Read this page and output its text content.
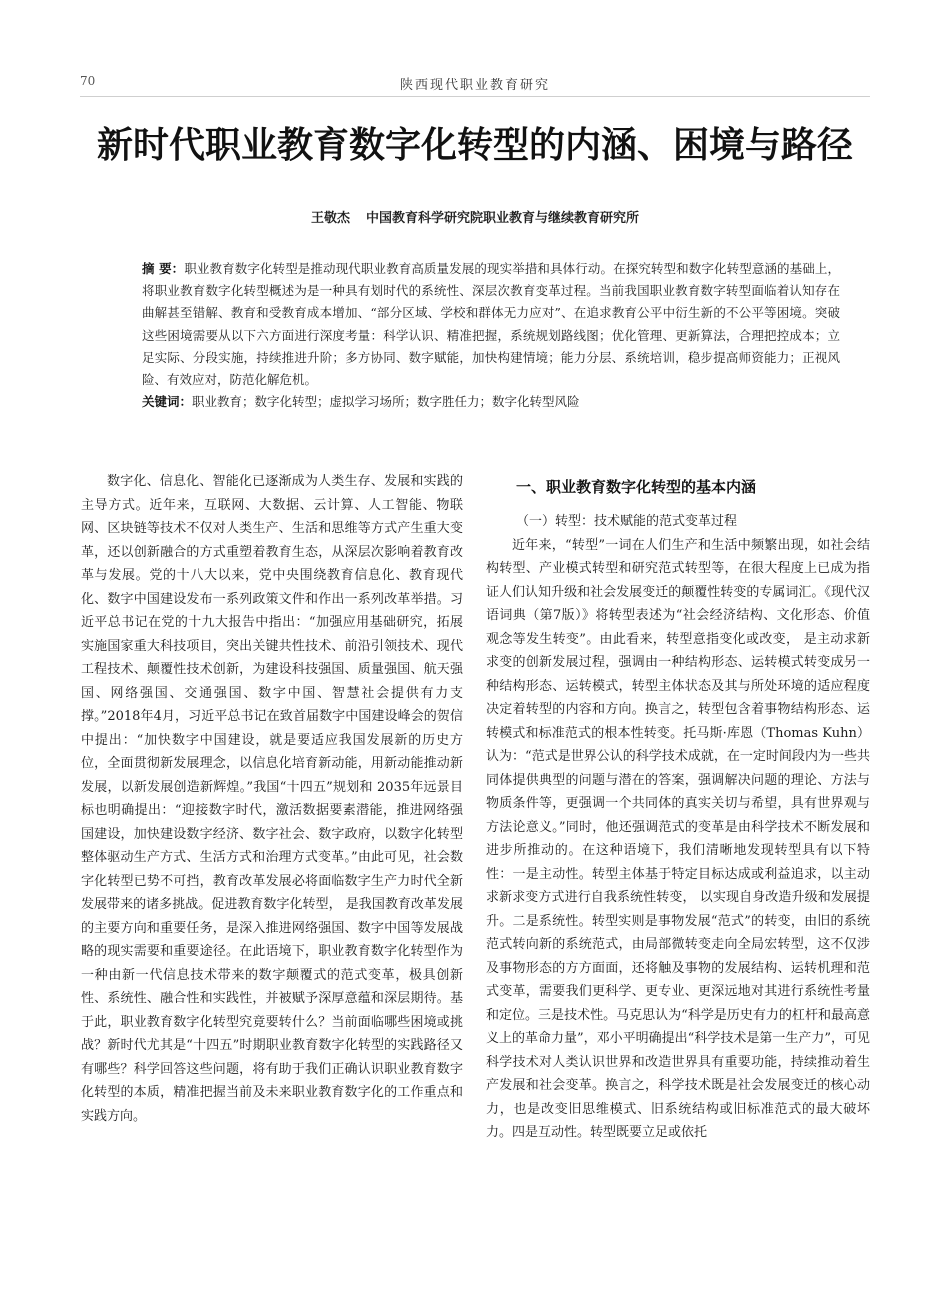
70	陕西现代职业教育研究
新时代职业教育数字化转型的内涵、困境与路径
王敬杰 中国教育科学研究院职业教育与继续教育研究所
摘 要：职业教育数字化转型是推动现代职业教育高质量发展的现实举措和具体行动。在探究转型和数字化转型意涵的基础上，将职业教育数字化转型概述为是一种具有划时代的系统性、深层次教育变革过程。当前我国职业教育数字转型面临着认知存在曲解甚至错解、教育和受教育成本增加、“部分区域、学校和群体无力应对”、在追求教育公平中衍生新的不公平等困境。突破这些困境需要从以下六方面进行深度考量：科学认识、精准把握，系统规划路线图；优化管理、更新算法，合理把控成本；立足实际、分段实施，持续推进升阶；多方协同、数字赋能，加快构建情境；能力分层、系统培训，稳步提高师资能力；正视风险、有效应对，防范化解危机。
关键词：职业教育；数字化转型；虚拟学习场所；数字胜任力；数字化转型风险

数字化、信息化、智能化已逐渐成为人类生存、发展和实践的主导方式。近年来，互联网、大数据、云计算、人工智能、物联网、区块链等技术不仅对人类生产、生活和思维等方式产生重大变革，还以创新融合的方式重塑着教育生态，从深层次影响着教育改革与发展。党的十八大以来，党中央围绕教育信息化、教育现代化、数字中国建设发布一系列政策文件和作出一系列改革举措。习近平总书记在党的十九大报告中指出：“加强应用基础研究，拓展实施国家重大科技项目，突出关键共性技术、前沿引领技术、现代工程技术、颠覆性技术创新，为建设科技强国、质量强国、航天强国、网络强国、交通强国、数字中国、智慧社会提供有力支撑。”2018年4月，习近平总书记在致首届数字中国建设峰会的贺信中提出：“加快数字中国建设，就是要适应我国发展新的历史方位，全面贯彻新发展理念，以信息化培育新动能，用新动能推动新发展，以新发展创造新辉煌。”我国“十四五”规划和 2035年远景目标也明确提出：“迎接数字时代，激活数据要素潜能，推进网络强国建设，加快建设数字经济、数字社会、数字政府，以数字化转型整体驱动生产方式、生活方式和治理方式变革。”由此可见，社会数字化转型已势不可挡，教育改革发展必将面临数字生产力时代全新发展带来的诸多挑战。促进教育数字化转型， 是我国教育改革发展的主要方向和重要任务，是深入推进网络强国、数字中国等发展战略的现实需要和重要途径。在此语境下，职业教育数字化转型作为一种由新一代信息技术带来的数字颠覆式的范式变革，极具创新性、系统性、融合性和实践性，并被赋予深厚意蕴和深层期待。基于此，职业教育数字化转型究竟要转什么？当前面临哪些困境或挑战？新时代尤其是“十四五”时期职业教育数字化转型的实践路径又有哪些？科学回答这些问题，将有助于我们正确认识职业教育数字化转型的本质，精准把握当前及未来职业教育数字化的工作重点和实践方向。

一、职业教育数字化转型的基本内涵
（一）转型：技术赋能的范式变革过程

近年来，“转型”一词在人们生产和生活中频繁出现，如社会结构转型、产业模式转型和研究范式转型等，在很大程度上已成为指证人们认知升级和社会发展变迁的颠覆性转变的专属词汇。《现代汉语词典（第7版）》将转型表述为“社会经济结构、文化形态、价值观念等发生转变”。由此看来，转型意指变化或改变， 是主动求新求变的创新发展过程，强调由一种结构形态、运转模式转变成另一种结构形态、运转模式，转型主体状态及其与所处环境的适应程度决定着转型的内容和方向。换言之，转型包含着事物结构形态、运转模式和标准范式的根本性转变。托马斯·库恩（Thomas Kuhn）认为：“范式是世界公认的科学技术成就，在一定时间段内为一些共同体提供典型的问题与潜在的答案，强调解决问题的理论、方法与物质条件等，更强调一个共同体的真实关切与希望，具有世界观与方法论意义。”同时，他还强调范式的变革是由科学技术不断发展和进步所推动的。在这种语境下，我们清晰地发现转型具有以下特性：一是主动性。转型主体基于特定目标达成或利益追求，以主动求新求变方式进行自我系统性转变， 以实现自身改造升级和发展提升。二是系统性。转型实则是事物发展“范式”的转变，由旧的系统范式转向新的系统范式，由局部微转变走向全局宏转型，这不仅涉及事物形态的方方面面，还将触及事物的发展结构、运转机理和范式变革，需要我们更科学、更专业、更深远地对其进行系统性考量和定位。三是技术性。马克思认为“科学是历史有力的杠杆和最高意义上的革命力量”，邓小平明确提出“科学技术是第一生产力”，可见科学技术对人类认识世界和改造世界具有重要功能，持续推动着生产发展和社会变革。换言之，科学技术既是社会发展变迁的核心动力，也是改变旧思维模式、旧系统结构或旧标准范式的最大破坏力。四是互动性。转型既要立足或依托
